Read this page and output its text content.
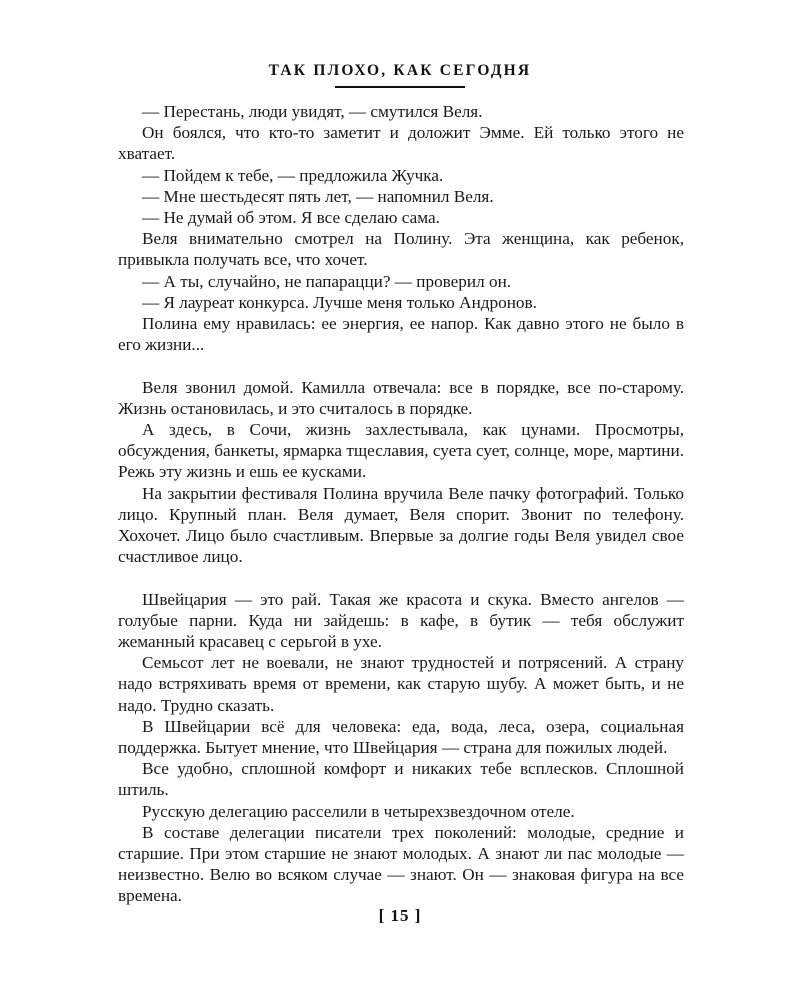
ТАК ПЛОХО, КАК СЕГОДНЯ

— Перестань, люди увидят, — смутился Веля.

Он боялся, что кто-то заметит и доложит Эмме. Ей только этого не хватает.

— Пойдем к тебе, — предложила Жучка.

— Мне шестьдесят пять лет, — напомнил Веля.

— Не думай об этом. Я все сделаю сама.

Веля внимательно смотрел на Полину. Эта женщина, как ребенок, привыкла получать все, что хочет.

— А ты, случайно, не папарацци? — проверил он.

— Я лауреат конкурса. Лучше меня только Андронов.

Полина ему нравилась: ее энергия, ее напор. Как давно этого не было в его жизни...

Веля звонил домой. Камилла отвечала: все в порядке, все по-старому. Жизнь остановилась, и это считалось в порядке.

А здесь, в Сочи, жизнь захлестывала, как цунами. Просмотры, обсуждения, банкеты, ярмарка тщеславия, суета сует, солнце, море, мартини. Режь эту жизнь и ешь ее кусками.

На закрытии фестиваля Полина вручила Веле пачку фотографий. Только лицо. Крупный план. Веля думает, Веля спорит. Звонит по телефону. Хохочет. Лицо было счастливым. Впервые за долгие годы Веля увидел свое счастливое лицо.

Швейцария — это рай. Такая же красота и скука. Вместо ангелов — голубые парни. Куда ни зайдешь: в кафе, в бутик — тебя обслужит жеманный красавец с серьгой в ухе.

Семьсот лет не воевали, не знают трудностей и потрясений. А страну надо встряхивать время от времени, как старую шубу. А может быть, и не надо. Трудно сказать.

В Швейцарии всё для человека: еда, вода, леса, озера, социальная поддержка. Бытует мнение, что Швейцария — страна для пожилых людей.

Все удобно, сплошной комфорт и никаких тебе всплесков. Сплошной штиль.

Русскую делегацию расселили в четырехзвездочном отеле.

В составе делегации писатели трех поколений: молодые, средние и старшие. При этом старшие не знают молодых. А знают ли пас молодые — неизвестно. Велю во всяком случае — знают. Он — знаковая фигура на все времена.

[ 15 ]
